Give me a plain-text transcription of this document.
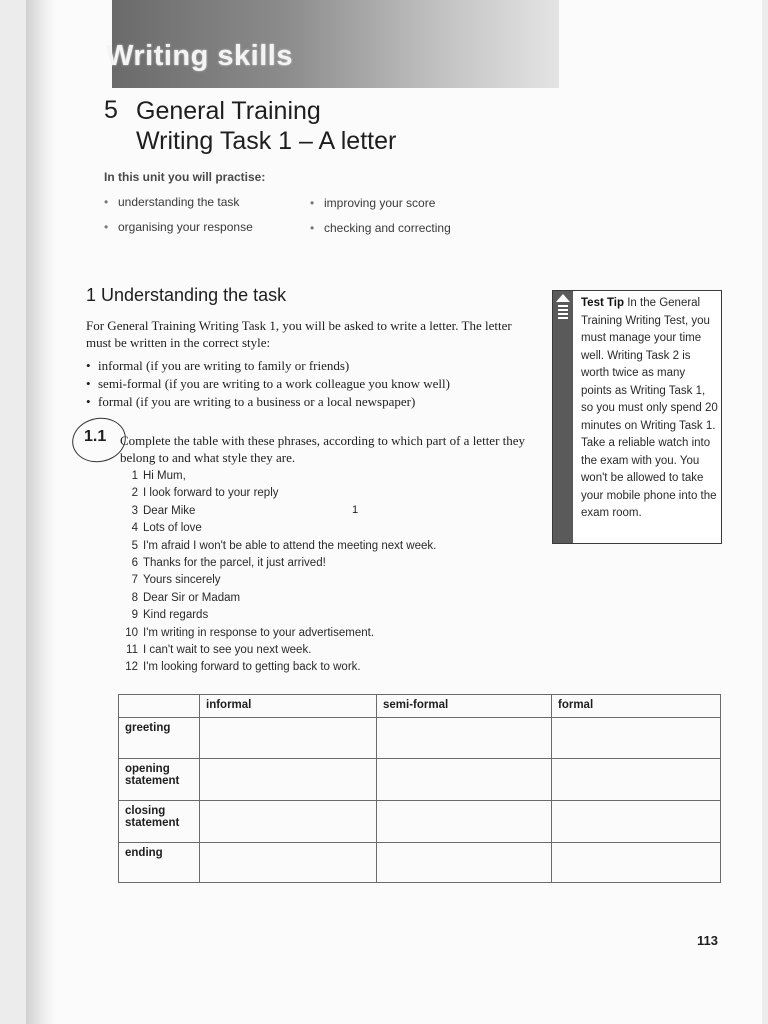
Writing skills
5 General Training
Writing Task 1 – A letter
In this unit you will practise:
• understanding the task	• improving your score
• organising your response	• checking and correcting
1 Understanding the task
For General Training Writing Task 1, you will be asked to write a letter. The letter must be written in the correct style:
• informal (if you are writing to family or friends)
• semi-formal (if you are writing to a work colleague you know well)
• formal (if you are writing to a business or a local newspaper)
1.1 Complete the table with these phrases, according to which part of a letter they belong to and what style they are.
1 Hi Mum,
2 I look forward to your reply
3 Dear Mike
4 Lots of love
5 I'm afraid I won't be able to attend the meeting next week.
6 Thanks for the parcel, it just arrived!
7 Yours sincerely
8 Dear Sir or Madam
9 Kind regards
10 I'm writing in response to your advertisement.
11 I can't wait to see you next week.
12 I'm looking forward to getting back to work.
1
	informal	semi-formal	formal
greeting			
opening statement			
closing statement			
ending			
Test Tip In the General Training Writing Test, you must manage your time well. Writing Task 2 is worth twice as many points as Writing Task 1, so you must only spend 20 minutes on Writing Task 1. Take a reliable watch into the exam with you. You won't be allowed to take your mobile phone into the exam room.
113
